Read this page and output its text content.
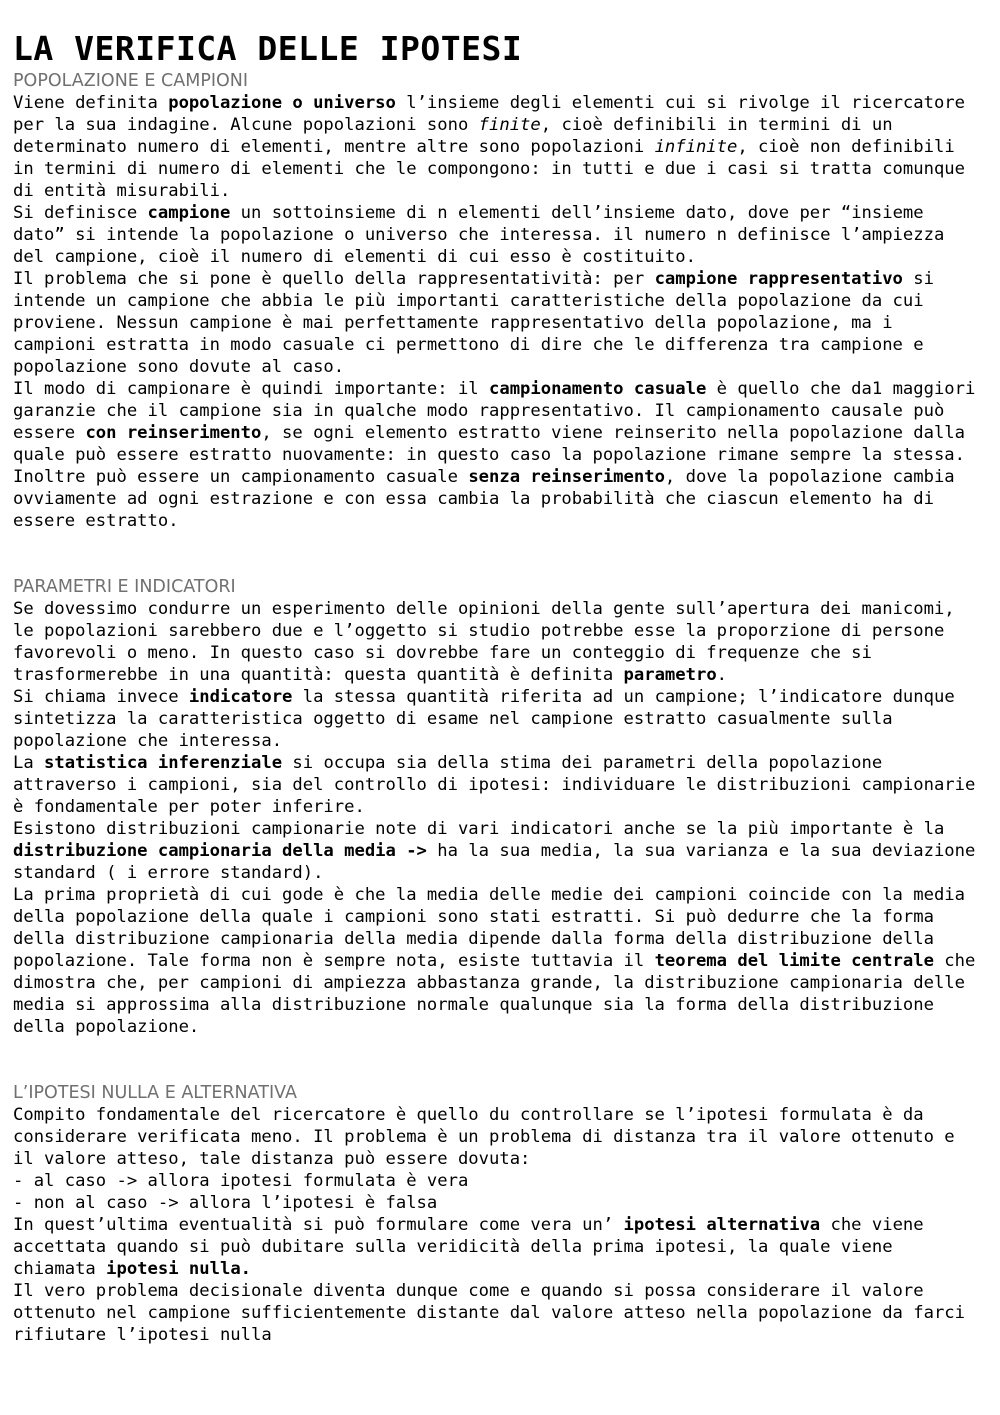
LA VERIFICA DELLE IPOTESI
POPOLAZIONE E CAMPIONI

Viene definita popolazione o universo l’insieme degli elementi cui si rivolge il ricercatore per la sua indagine. Alcune popolazioni sono finite, cioè definibili in termini di un determinato numero di elementi, mentre altre sono popolazioni infinite, cioè non definibili in termini di numero di elementi che le compongono: in tutti e due i casi si tratta comunque di entità misurabili.

Si definisce campione un sottoinsieme di n elementi dell’insieme dato, dove per “insieme dato” si intende la popolazione o universo che interessa. il numero n definisce l’ampiezza del campione, cioè il numero di elementi di cui esso è costituito.

Il problema che si pone è quello della rappresentatività: per campione rappresentativo si intende un campione che abbia le più importanti caratteristiche della popolazione da cui proviene. Nessun campione è mai perfettamente rappresentativo della popolazione, ma i campioni estratta in modo casuale ci permettono di dire che le differenza tra campione e popolazione sono dovute al caso.

Il modo di campionare è quindi importante: il campionamento casuale è quello che da1 maggiori garanzie che il campione sia in qualche modo rappresentativo. Il campionamento causale può essere con reinserimento, se ogni elemento estratto viene reinserito nella popolazione dalla quale può essere estratto nuovamente: in questo caso la popolazione rimane sempre la stessa.

Inoltre può essere un campionamento casuale senza reinserimento, dove la popolazione cambia ovviamente ad ogni estrazione e con essa cambia la probabilità che ciascun elemento ha di essere estratto.

PARAMETRI E INDICATORI

Se dovessimo condurre un esperimento delle opinioni della gente sull’apertura dei manicomi, le popolazioni sarebbero due e l’oggetto si studio potrebbe esse la proporzione di persone favorevoli o meno. In questo caso si dovrebbe fare un conteggio di frequenze che si trasformerebbe in una quantità: questa quantità è definita parametro.

Si chiama invece indicatore la stessa quantità riferita ad un campione; l’indicatore dunque sintetizza la caratteristica oggetto di esame nel campione estratto casualmente sulla popolazione che interessa.

La statistica inferenziale si occupa sia della stima dei parametri della popolazione attraverso i campioni, sia del controllo di ipotesi: individuare le distribuzioni campionarie è fondamentale per poter inferire.

Esistono distribuzioni campionarie note di vari indicatori anche se la più importante è la distribuzione campionaria della media -> ha la sua media, la sua varianza e la sua deviazione standard ( i errore standard).

La prima proprietà di cui gode è che la media delle medie dei campioni coincide con la media della popolazione della quale i campioni sono stati estratti. Si può dedurre che la forma della distribuzione campionaria della media dipende dalla forma della distribuzione della popolazione. Tale forma non è sempre nota, esiste tuttavia il teorema del limite centrale che dimostra che, per campioni di ampiezza abbastanza grande, la distribuzione campionaria delle media si approssima alla distribuzione normale qualunque sia la forma della distribuzione della popolazione.

L’IPOTESI NULLA E ALTERNATIVA

Compito fondamentale del ricercatore è quello du controllare se l’ipotesi formulata è da considerare verificata meno. Il problema è un problema di distanza tra il valore ottenuto e il valore atteso, tale distanza può essere dovuta:

- al caso -> allora ipotesi formulata è vera

- non al caso -> allora l’ipotesi è falsa

In quest’ultima eventualità si può formulare come vera un’ ipotesi alternativa che viene accettata quando si può dubitare sulla veridicità della prima ipotesi, la quale viene chiamata ipotesi nulla.

Il vero problema decisionale diventa dunque come e quando si possa considerare il valore ottenuto nel campione sufficientemente distante dal valore atteso nella popolazione da farci rifiutare l’ipotesi nulla
